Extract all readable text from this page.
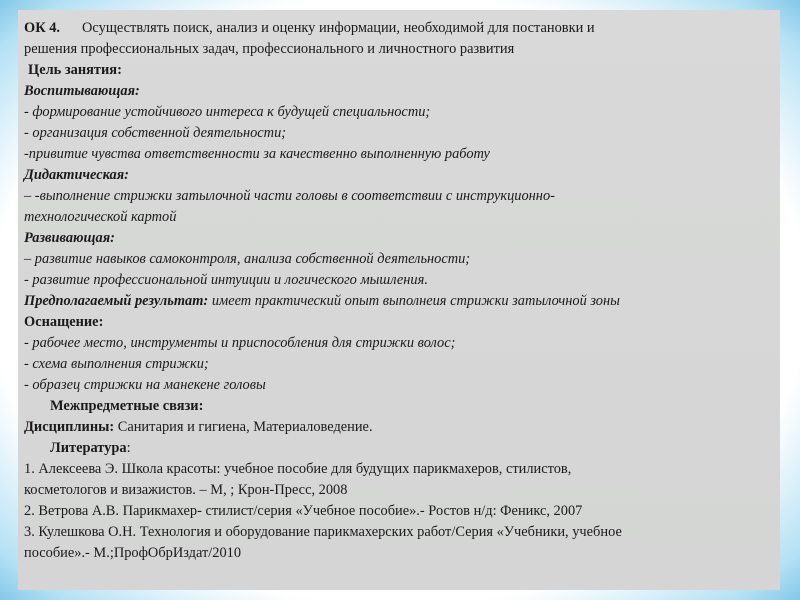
ОК 4. Осуществлять поиск, анализ и оценку информации, необходимой для постановки и
решения профессиональных задач, профессионального и личностного развития
Цель занятия:
Воспитывающая:
- формирование устойчивого интереса к будущей специальности;
- организация собственной деятельности;
-привитие чувства ответственности за качественно выполненную работу
Дидактическая:
– -выполнение стрижки затылочной части головы в соответствии с инструкционно-
технологической картой
Развивающая:
– развитие навыков самоконтроля, анализа собственной деятельности;
- развитие профессиональной интуиции и логического мышления.
Предполагаемый результат: имеет практический опыт выполнеия стрижки затылочной зоны
Оснащение:
- рабочее место, инструменты и приспособления для стрижки волос;
- схема выполнения стрижки;
- образец стрижки на манекене головы
Межпредметные связи:
Дисциплины: Санитария и гигиена, Материаловедение.
Литература:
1. Алексеева Э. Школа красоты: учебное пособие для будущих парикмахеров, стилистов,
косметологов и визажистов. – М, ; Крон-Пресс, 2008
2. Ветрова А.В. Парикмахер- стилист/серия «Учебное пособие».- Ростов н/д: Феникс, 2007
3. Кулешкова О.Н. Технология и оборудование парикмахерских работ/Серия «Учебники, учебное
пособие».- М.;ПрофОбрИздат/2010
